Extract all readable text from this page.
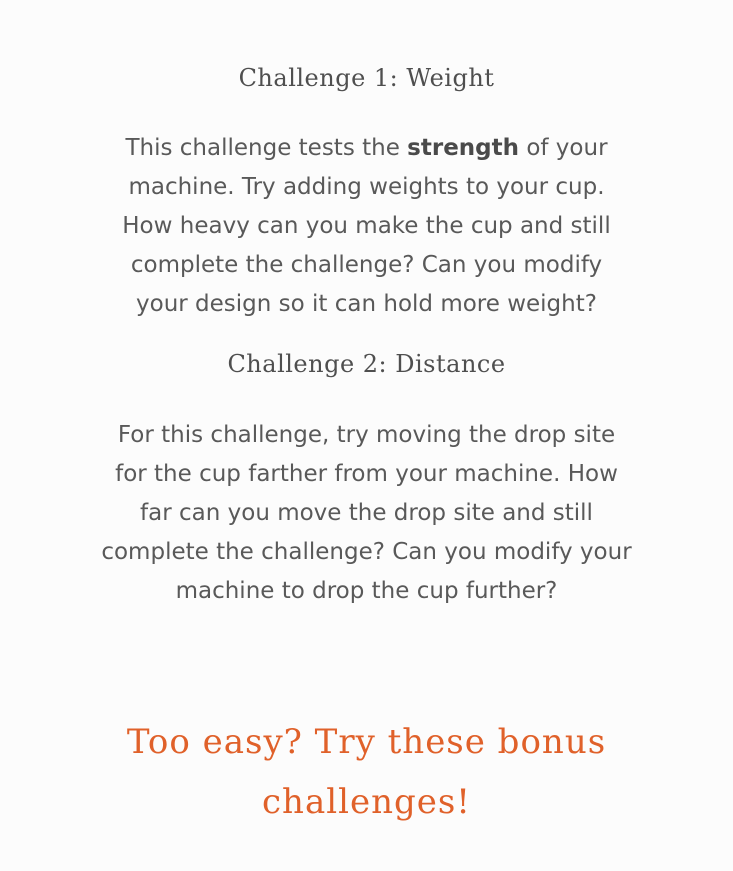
Challenge 1: Weight

This challenge tests the strength of your machine. Try adding weights to your cup. How heavy can you make the cup and still complete the challenge? Can you modify your design so it can hold more weight?

Challenge 2: Distance

For this challenge, try moving the drop site for the cup farther from your machine. How far can you move the drop site and still complete the challenge? Can you modify your machine to drop the cup further?

Too easy? Try these bonus
challenges!
